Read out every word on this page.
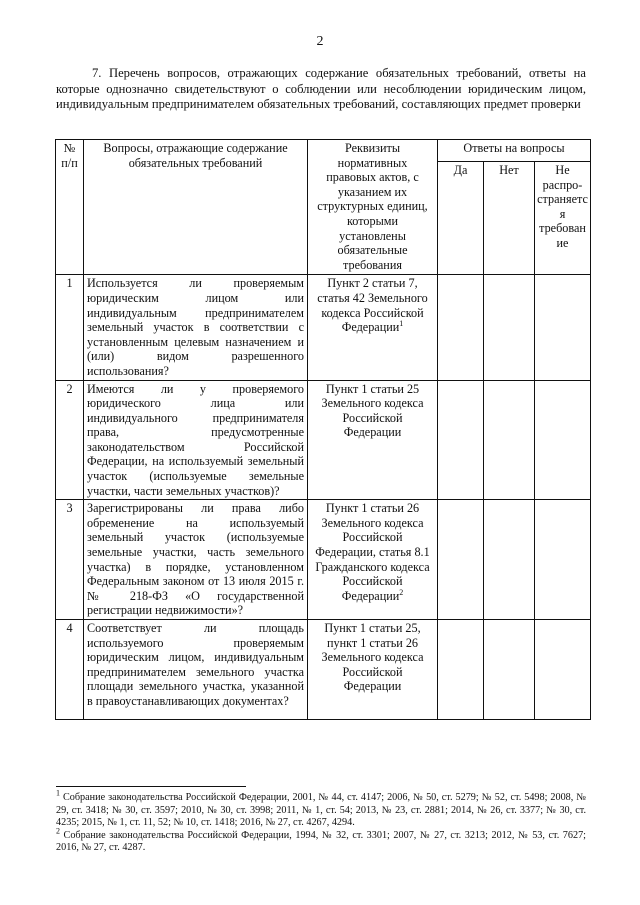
2
7. Перечень вопросов, отражающих содержание обязательных требований, ответы на которые однозначно свидетельствуют о соблюдении или несоблюдении юридическим лицом, индивидуальным предпринимателем обязательных требований, составляющих предмет проверки
№ п/п	Вопросы, отражающие содержание обязательных требований	Реквизиты нормативных правовых актов, с указанием их структурных единиц, которыми установлены обязательные требования	Ответы на вопросы		
			Да	Нет	Не распро-страняется требование
1	Используется ли проверяемым юридическим лицом или индивидуальным предпринимателем земельный участок в соответствии с установленным целевым назначением и (или) видом разрешенного использования?	Пункт 2 статьи 7, статья 42 Земельного кодекса Российской Федерации$^1$			
2	Имеются ли у проверяемого юридического лица или индивидуального предпринимателя права, предусмотренные законодательством Российской Федерации, на используемый земельный участок (используемые земельные участки, части земельных участков)?	Пункт 1 статьи 25 Земельного кодекса Российской Федерации			
3	Зарегистрированы ли права либо обременение на используемый земельный участок (используемые земельные участки, часть земельного участка) в порядке, установленном Федеральным законом от 13 июля 2015 г. № 218-ФЗ «О государственной регистрации недвижимости»?	Пункт 1 статьи 26 Земельного кодекса Российской Федерации, статья 8.1 Гражданского кодекса Российской Федерации$^2$			
4	Соответствует ли площадь используемого проверяемым юридическим лицом, индивидуальным предпринимателем земельного участка площади земельного участка, указанной в правоустанавливающих документах?	Пункт 1 статьи 25, пункт 1 статьи 26 Земельного кодекса Российской Федерации			

$^1$ Собрание законодательства Российской Федерации, 2001, № 44, ст. 4147; 2006, № 50, ст. 5279; № 52, ст. 5498; 2008, № 29, ст. 3418; № 30, ст. 3597; 2010, № 30, ст. 3998; 2011, № 1, ст. 54; 2013, № 23, ст. 2881; 2014, № 26, ст. 3377; № 30, ст. 4235; 2015, № 1, ст. 11, 52; № 10, ст. 1418; 2016, № 27, ст. 4267, 4294.

$^2$ Собрание законодательства Российской Федерации, 1994, № 32, ст. 3301; 2007, № 27, ст. 3213; 2012, № 53, ст. 7627; 2016, № 27, ст. 4287.
